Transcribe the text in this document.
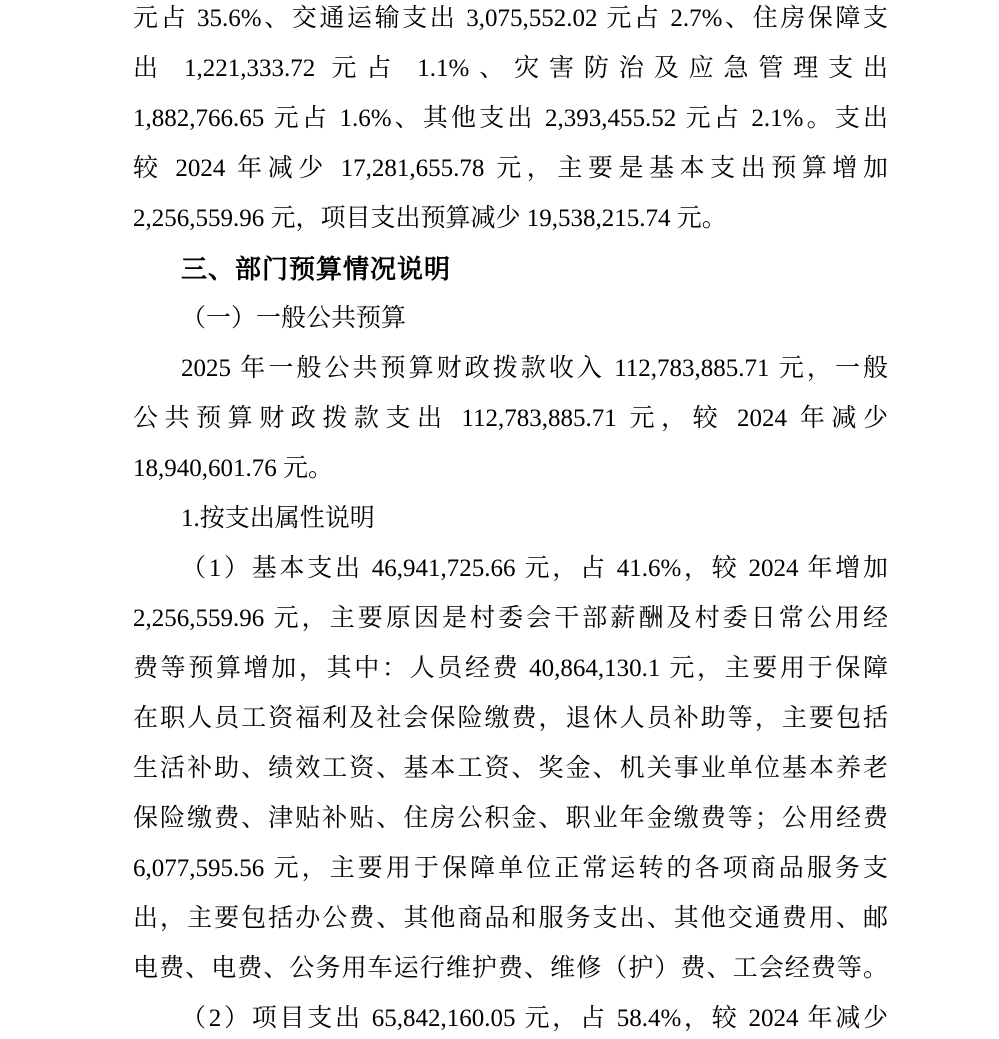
元占 35.6%、交通运输支出 3,075,552.02 元占 2.7%、住房保障支
出 1,221,333.72 元占 1.1%、灾害防治及应急管理支出
1,882,766.65 元占 1.6%、其他支出 2,393,455.52 元占 2.1%。支出
较 2024 年减少 17,281,655.78 元，主要是基本支出预算增加
2,256,559.96 元，项目支出预算减少 19,538,215.74 元。
三、部门预算情况说明
（一）一般公共预算
2025 年一般公共预算财政拨款收入 112,783,885.71 元，一般
公共预算财政拨款支出 112,783,885.71 元，较 2024 年减少
18,940,601.76 元。
1.按支出属性说明
（1）基本支出 46,941,725.66 元，占 41.6%，较 2024 年增加
2,256,559.96 元，主要原因是村委会干部薪酬及村委日常公用经
费等预算增加，其中：人员经费 40,864,130.1 元，主要用于保障
在职人员工资福利及社会保险缴费，退休人员补助等，主要包括
生活补助、绩效工资、基本工资、奖金、机关事业单位基本养老
保险缴费、津贴补贴、住房公积金、职业年金缴费等；公用经费
6,077,595.56 元，主要用于保障单位正常运转的各项商品服务支
出，主要包括办公费、其他商品和服务支出、其他交通费用、邮
电费、电费、公务用车运行维护费、维修（护）费、工会经费等。
（2）项目支出 65,842,160.05 元，占 58.4%，较 2024 年减少
